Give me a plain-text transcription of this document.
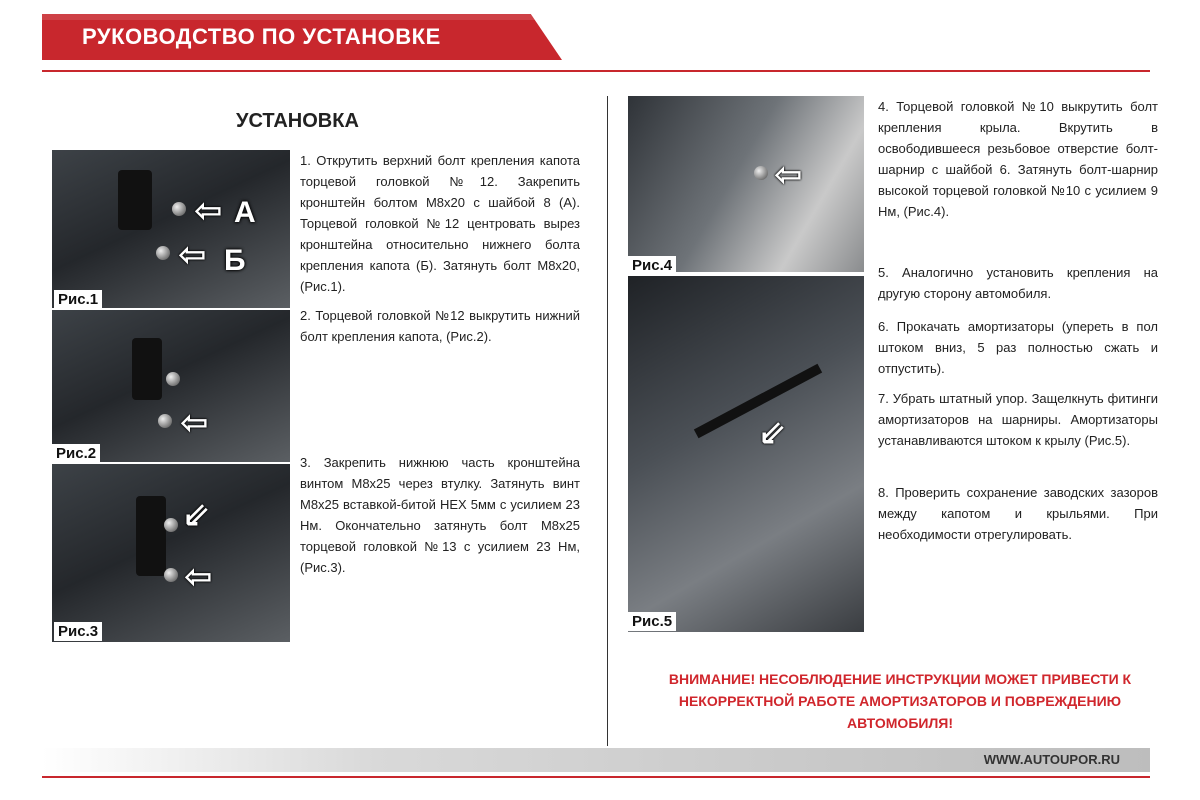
РУКОВОДСТВО ПО УСТАНОВКЕ
УСТАНОВКА
⇦
⇦
А
Б
Рис.1
⇦
Рис.2
⇙
⇦
Рис.3
1. Открутить верхний болт крепления капота торцевой головкой №12. Закрепить кронштейн болтом М8х20 с шайбой 8 (А). Торцевой головкой №12 центровать вырез кронштейна относительно нижнего болта крепления капота (Б). Затянуть болт М8х20, (Рис.1).
2. Торцевой головкой №12 выкрутить нижний болт крепления капота, (Рис.2).
3. Закрепить нижнюю часть кронштейна винтом М8х25 через втулку. Затянуть винт М8х25 вставкой-битой HEX 5мм с усилием 23 Нм. Окончательно затянуть болт М8х25 торцевой головкой №13 с усилием 23 Нм, (Рис.3).
⇦
Рис.4
⇙
Рис.5
4. Торцевой головкой №10 выкрутить болт крепления крыла. Вкрутить в освободившееся резьбовое отверстие болт-шарнир с шайбой 6. Затянуть болт-шарнир высокой торцевой головкой №10 с усилием 9 Нм, (Рис.4).
5. Аналогично установить крепления на другую сторону автомобиля.
6. Прокачать амортизаторы (упереть в пол штоком вниз, 5 раз полностью сжать и отпустить).
7. Убрать штатный упор. Защелкнуть фитинги амортизаторов на шарниры. Амортизаторы устанавливаются штоком к крылу (Рис.5).
8. Проверить сохранение заводских зазоров между капотом и крыльями. При необходимости отрегулировать.
ВНИМАНИЕ! НЕСОБЛЮДЕНИЕ ИНСТРУКЦИИ МОЖЕТ ПРИВЕСТИ К НЕКОРРЕКТНОЙ РАБОТЕ АМОРТИЗАТОРОВ И ПОВРЕЖДЕНИЮ АВТОМОБИЛЯ!
WWW.AUTOUPOR.RU
